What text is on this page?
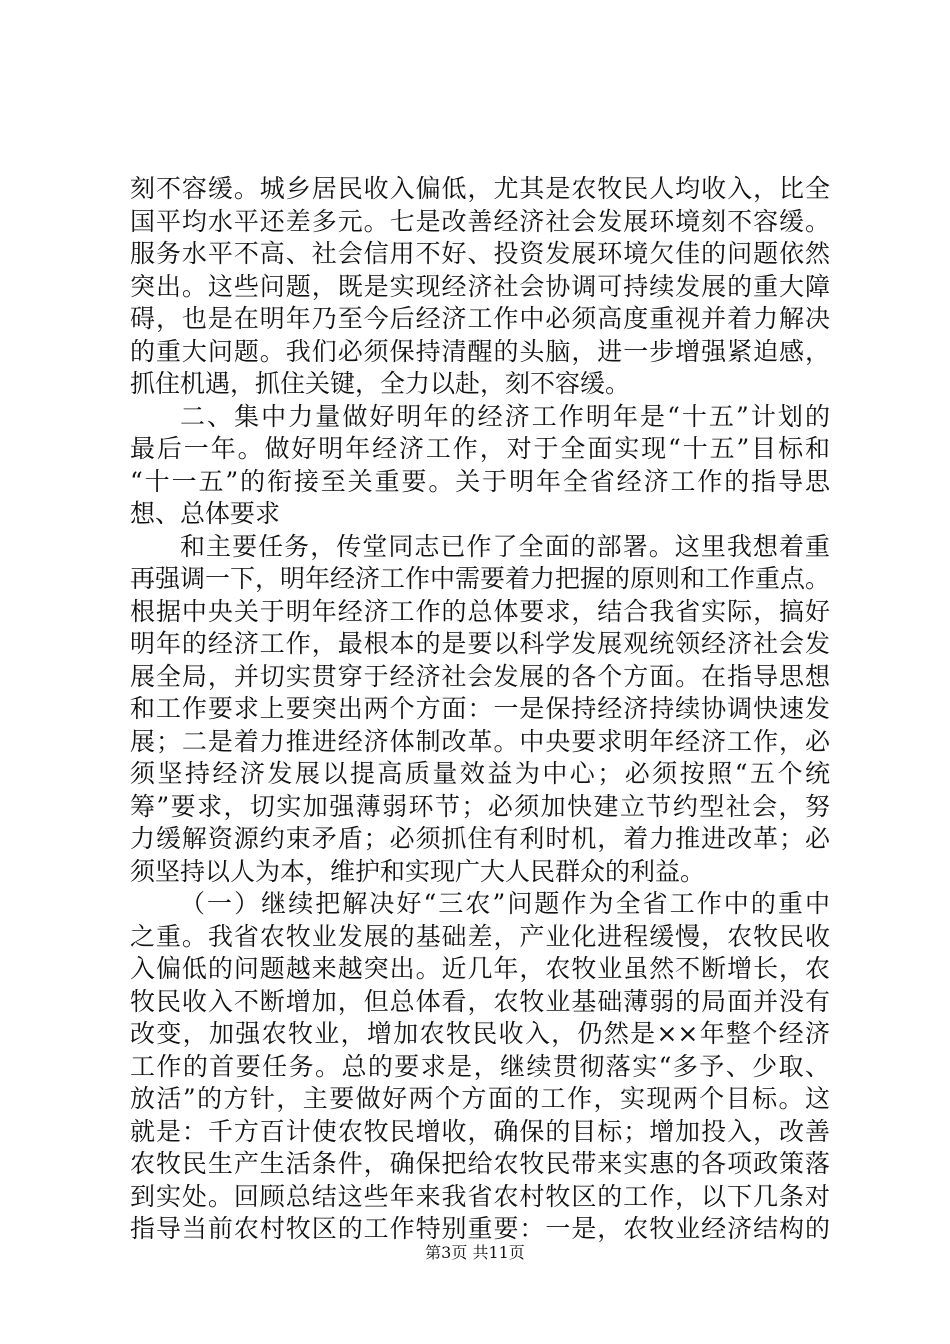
刻不容缓。城乡居民收入偏低，尤其是农牧民人均收入，比全
国平均水平还差多元。七是改善经济社会发展环境刻不容缓。
服务水平不高、社会信用不好、投资发展环境欠佳的问题依然
突出。这些问题，既是实现经济社会协调可持续发展的重大障
碍，也是在明年乃至今后经济工作中必须高度重视并着力解决
的重大问题。我们必须保持清醒的头脑，进一步增强紧迫感，
抓住机遇，抓住关键，全力以赴，刻不容缓。
二、集中力量做好明年的经济工作明年是“十五”计划的
最后一年。做好明年经济工作，对于全面实现“十五”目标和
“十一五”的衔接至关重要。关于明年全省经济工作的指导思
想、总体要求
和主要任务，传堂同志已作了全面的部署。这里我想着重
再强调一下，明年经济工作中需要着力把握的原则和工作重点。
根据中央关于明年经济工作的总体要求，结合我省实际，搞好
明年的经济工作，最根本的是要以科学发展观统领经济社会发
展全局，并切实贯穿于经济社会发展的各个方面。在指导思想
和工作要求上要突出两个方面：一是保持经济持续协调快速发
展；二是着力推进经济体制改革。中央要求明年经济工作，必
须坚持经济发展以提高质量效益为中心；必须按照“五个统
筹”要求，切实加强薄弱环节；必须加快建立节约型社会，努
力缓解资源约束矛盾；必须抓住有利时机，着力推进改革；必
须坚持以人为本，维护和实现广大人民群众的利益。
（一）继续把解决好“三农”问题作为全省工作中的重中
之重。我省农牧业发展的基础差，产业化进程缓慢，农牧民收
入偏低的问题越来越突出。近几年，农牧业虽然不断增长，农
牧民收入不断增加，但总体看，农牧业基础薄弱的局面并没有
改变，加强农牧业，增加农牧民收入，仍然是××年整个经济
工作的首要任务。总的要求是，继续贯彻落实“多予、少取、
放活”的方针，主要做好两个方面的工作，实现两个目标。这
就是：千方百计使农牧民增收，确保的目标；增加投入，改善
农牧民生产生活条件，确保把给农牧民带来实惠的各项政策落
到实处。回顾总结这些年来我省农村牧区的工作，以下几条对
指导当前农村牧区的工作特别重要：一是，农牧业经济结构的
第3页 共11页
